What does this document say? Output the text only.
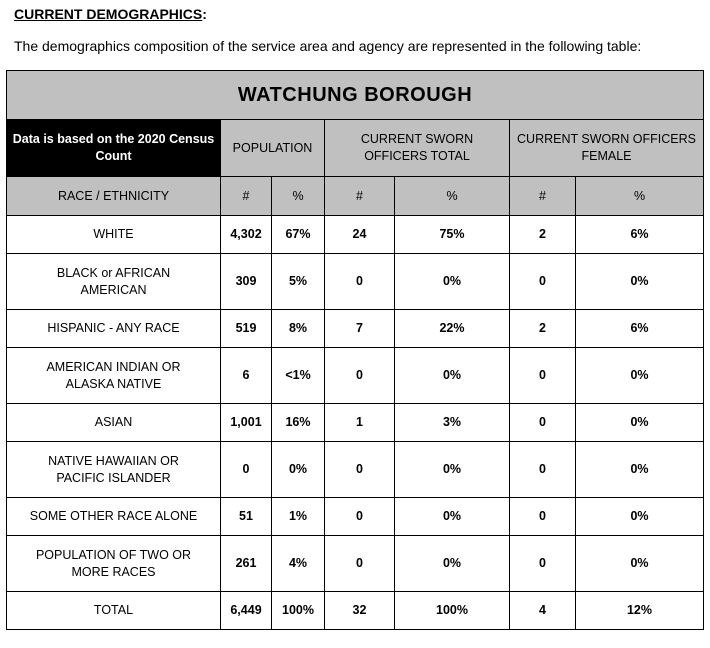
CURRENT DEMOGRAPHICS:
The demographics composition of the service area and agency are represented in the following table:
WATCHUNG BOROUGH						
Data is based on the 2020 Census Count	POPULATION		CURRENT SWORN OFFICERS TOTAL		CURRENT SWORN OFFICERS FEMALE	
RACE / ETHNICITY	#	%	#	%	#	%
WHITE	4,302	67%	24	75%	2	6%
BLACK or AFRICAN AMERICAN	309	5%	0	0%	0	0%
HISPANIC - ANY RACE	519	8%	7	22%	2	6%
AMERICAN INDIAN OR ALASKA NATIVE	6	<1%	0	0%	0	0%
ASIAN	1,001	16%	1	3%	0	0%
NATIVE HAWAIIAN OR PACIFIC ISLANDER	0	0%	0	0%	0	0%
SOME OTHER RACE ALONE	51	1%	0	0%	0	0%
POPULATION OF TWO OR MORE RACES	261	4%	0	0%	0	0%
TOTAL	6,449	100%	32	100%	4	12%
